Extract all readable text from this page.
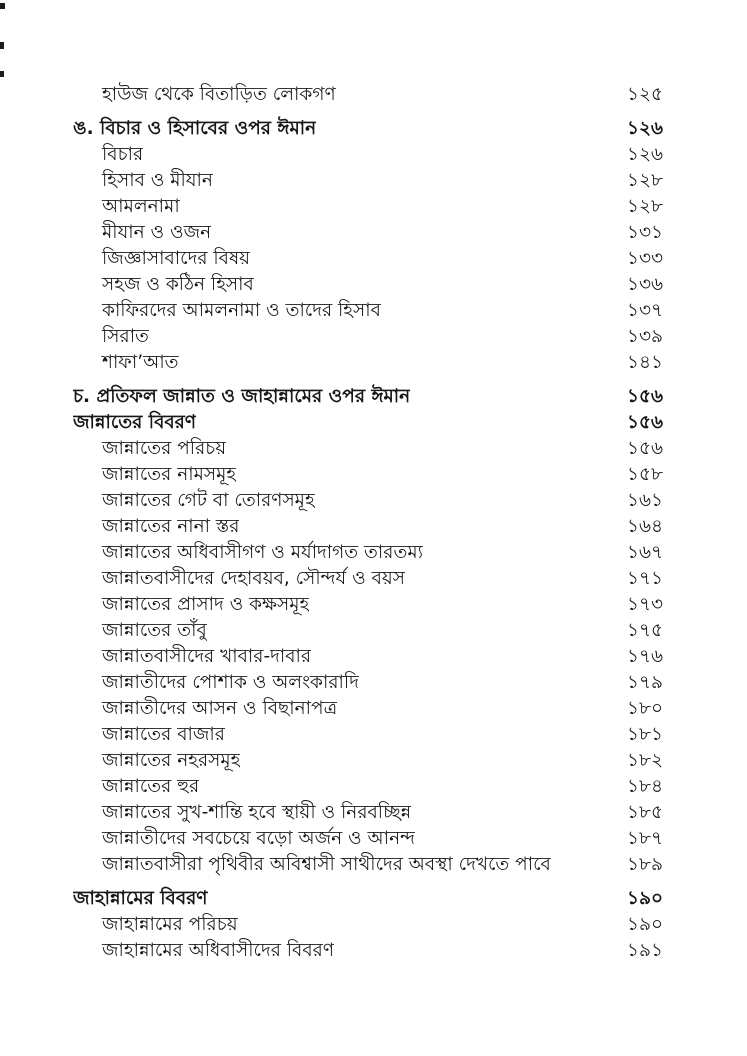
হাউজ থেকে বিতাড়িত লোকগণ	১২৫
ঙ. বিচার ও হিসাবের ওপর ঈমান	১২৬
বিচার	১২৬
হিসাব ও মীযান	১২৮
আমলনামা	১২৮
মীযান ও ওজন	১৩১
জিজ্ঞাসাবাদের বিষয়	১৩৩
সহজ ও কঠিন হিসাব	১৩৬
কাফিরদের আমলনামা ও তাদের হিসাব	১৩৭
সিরাত	১৩৯
শাফা’আত	১৪১
চ. প্রতিফল জান্নাত ও জাহান্নামের ওপর ঈমান	১৫৬
জান্নাতের বিবরণ	১৫৬
জান্নাতের পরিচয়	১৫৬
জান্নাতের নামসমূহ	১৫৮
জান্নাতের গেট বা তোরণসমূহ	১৬১
জান্নাতের নানা স্তর	১৬৪
জান্নাতের অধিবাসীগণ ও মর্যাদাগত তারতম্য	১৬৭
জান্নাতবাসীদের দেহাবয়ব, সৌন্দর্য ও বয়স	১৭১
জান্নাতের প্রাসাদ ও কক্ষসমূহ	১৭৩
জান্নাতের তাঁবু	১৭৫
জান্নাতবাসীদের খাবার-দাবার	১৭৬
জান্নাতীদের পোশাক ও অলংকারাদি	১৭৯
জান্নাতীদের আসন ও বিছানাপত্র	১৮০
জান্নাতের বাজার	১৮১
জান্নাতের নহরসমূহ	১৮২
জান্নাতের হুর	১৮৪
জান্নাতের সুখ-শান্তি হবে স্থায়ী ও নিরবচ্ছিন্ন	১৮৫
জান্নাতীদের সবচেয়ে বড়ো অর্জন ও আনন্দ	১৮৭
জান্নাতবাসীরা পৃথিবীর অবিশ্বাসী সাথীদের অবস্থা দেখতে পাবে	১৮৯
জাহান্নামের বিবরণ	১৯০
জাহান্নামের পরিচয়	১৯০
জাহান্নামের অধিবাসীদের বিবরণ	১৯১
